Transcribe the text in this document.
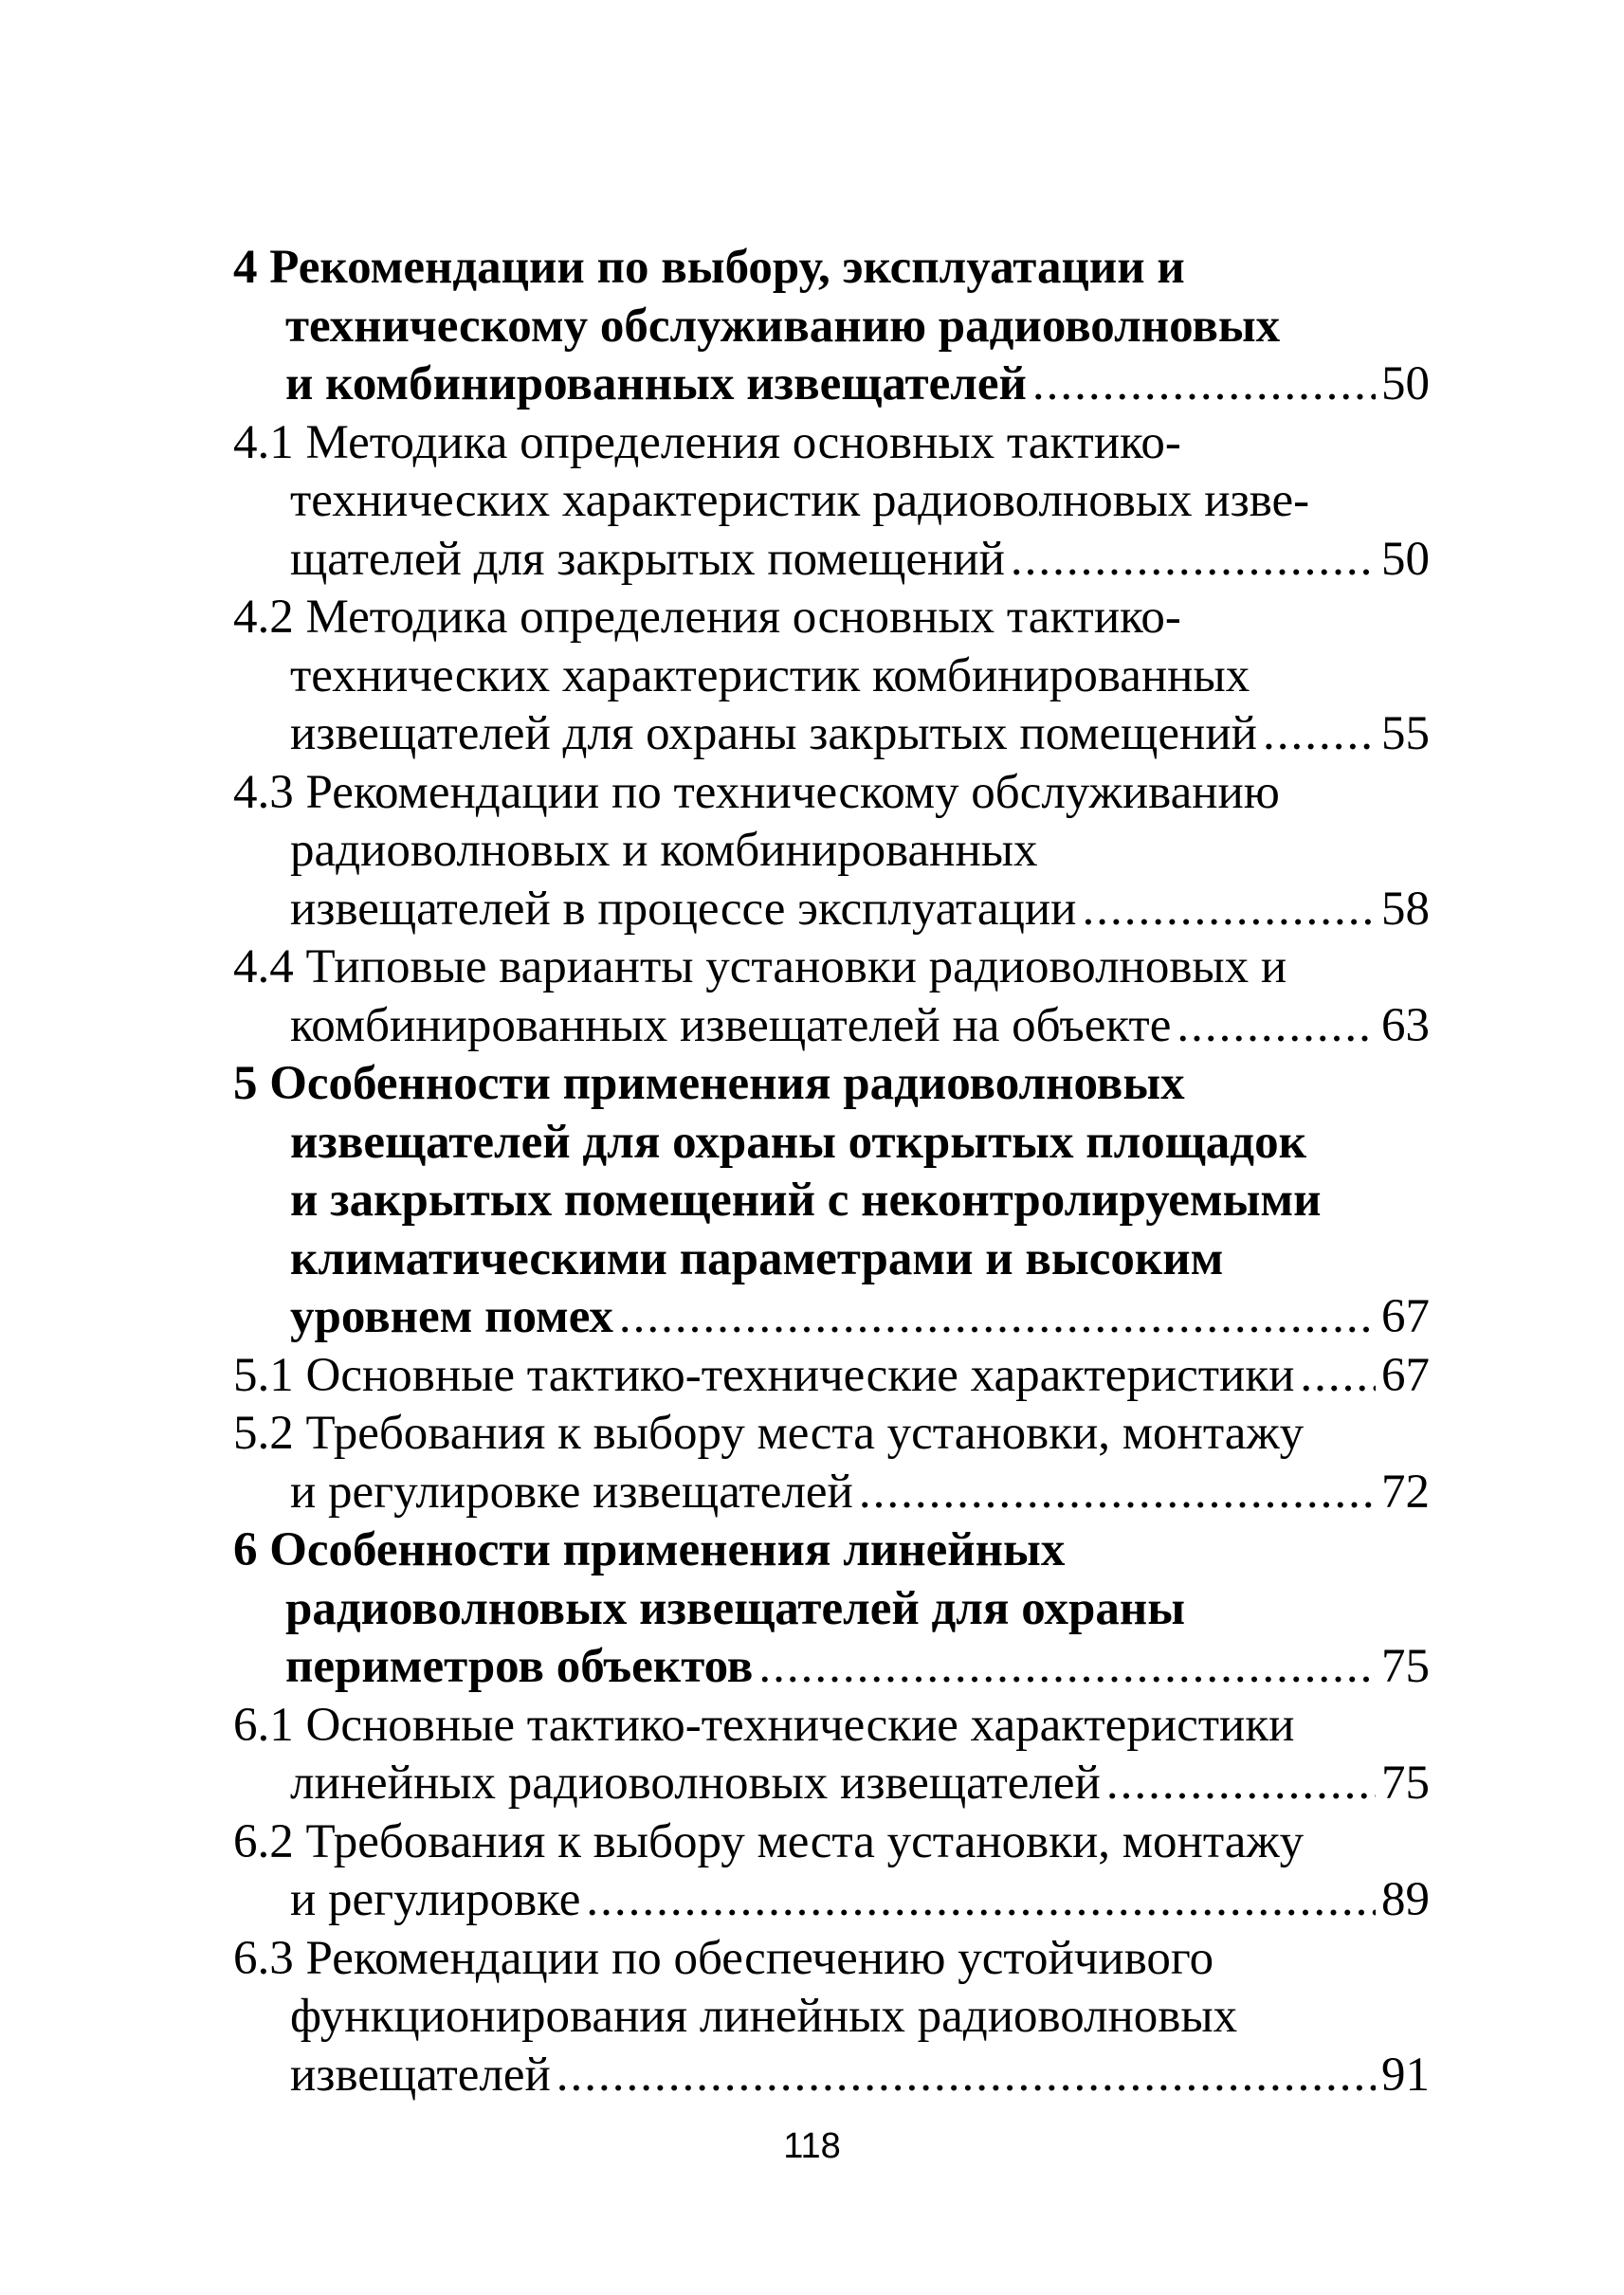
4 Рекомендации по выбору, эксплуатации и
техническому обслуживанию радиоволновых
и комбинированных извещателей .....	50
4.1 Методика определения основных тактико-
технических характеристик радиоволновых изве-
щателей для закрытых помещений .....	50
4.2 Методика определения основных тактико-
технических характеристик комбинированных
извещателей для охраны закрытых помещений .....	55
4.3 Рекомендации по техническому обслуживанию
радиоволновых и комбинированных
извещателей в процессе эксплуатации .....	58
4.4 Типовые варианты установки радиоволновых и
комбинированных извещателей на объекте .....	63
5 Особенности применения радиоволновых
извещателей для охраны открытых площадок
и закрытых помещений с неконтролируемыми
климатическими параметрами и высоким
уровнем помех .....	67
5.1 Основные тактико-технические характеристики ..... 67
5.2 Требования к выбору места установки, монтажу
и регулировке извещателей .....	72
6 Особенности применения линейных
радиоволновых извещателей для охраны
периметров объектов .....	75
6.1 Основные тактико-технические характеристики
линейных радиоволновых извещателей .....	75
6.2 Требования к выбору места установки, монтажу
и регулировке .....	89
6.3 Рекомендации по обеспечению устойчивого
функционирования линейных радиоволновых
извещателей .....	91
118
